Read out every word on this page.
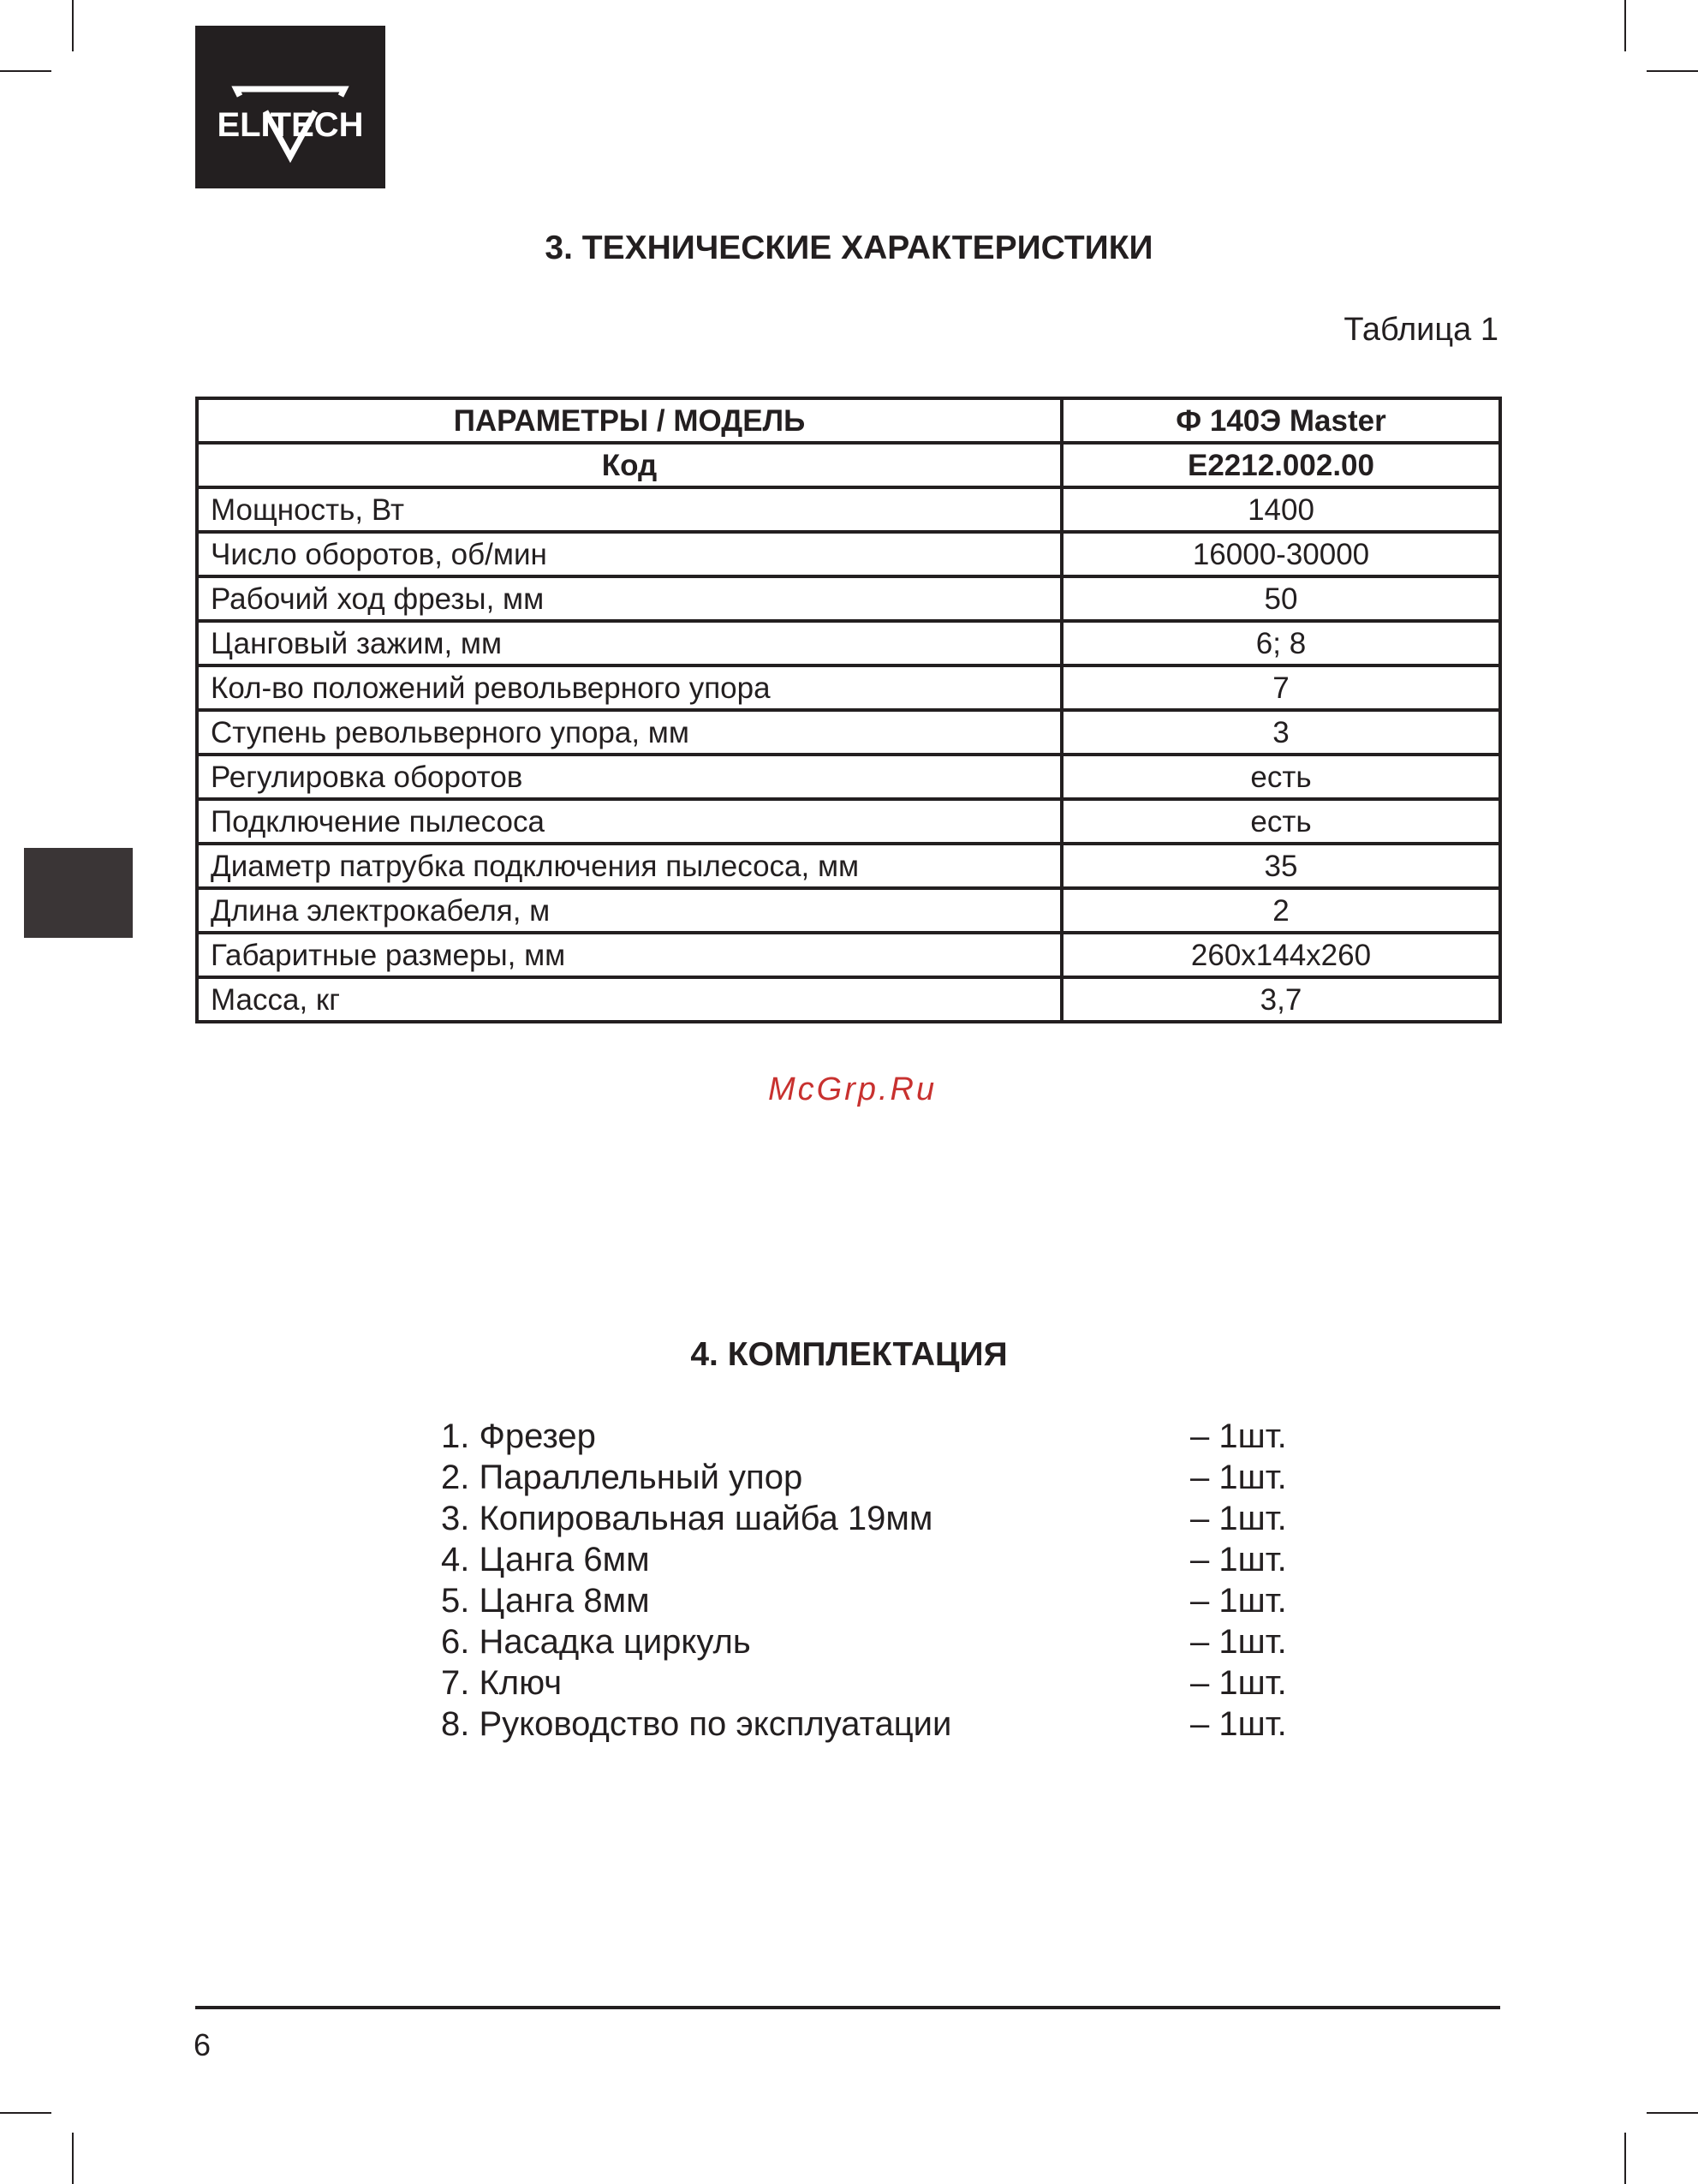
ELITECH
3. ТЕХНИЧЕСКИЕ ХАРАКТЕРИСТИКИ
Таблица 1
ПАРАМЕТРЫ / МОДЕЛЬ	Ф 140Э Master
Код	E2212.002.00
Мощность, Вт	1400
Число оборотов, об/мин	16000-30000
Рабочий ход фрезы, мм	50
Цанговый зажим, мм	6; 8
Кол-во положений револьверного упора	7
Ступень револьверного упора, мм	3
Регулировка оборотов	есть
Подключение пылесоса	есть
Диаметр патрубка подключения пылесоса, мм	35
Длина электрокабеля, м	2
Габаритные размеры, мм	260х144х260
Масса, кг	3,7
McGrp.Ru
4. КОМПЛЕКТАЦИЯ
1. Фрезер	– 1шт.
2. Параллельный упор	– 1шт.
3. Копировальная шайба 19мм	– 1шт.
4. Цанга 6мм	– 1шт.
5. Цанга 8мм	– 1шт.
6. Насадка циркуль	– 1шт.
7. Ключ	– 1шт.
8. Руководство по эксплуатации	– 1шт.
6
